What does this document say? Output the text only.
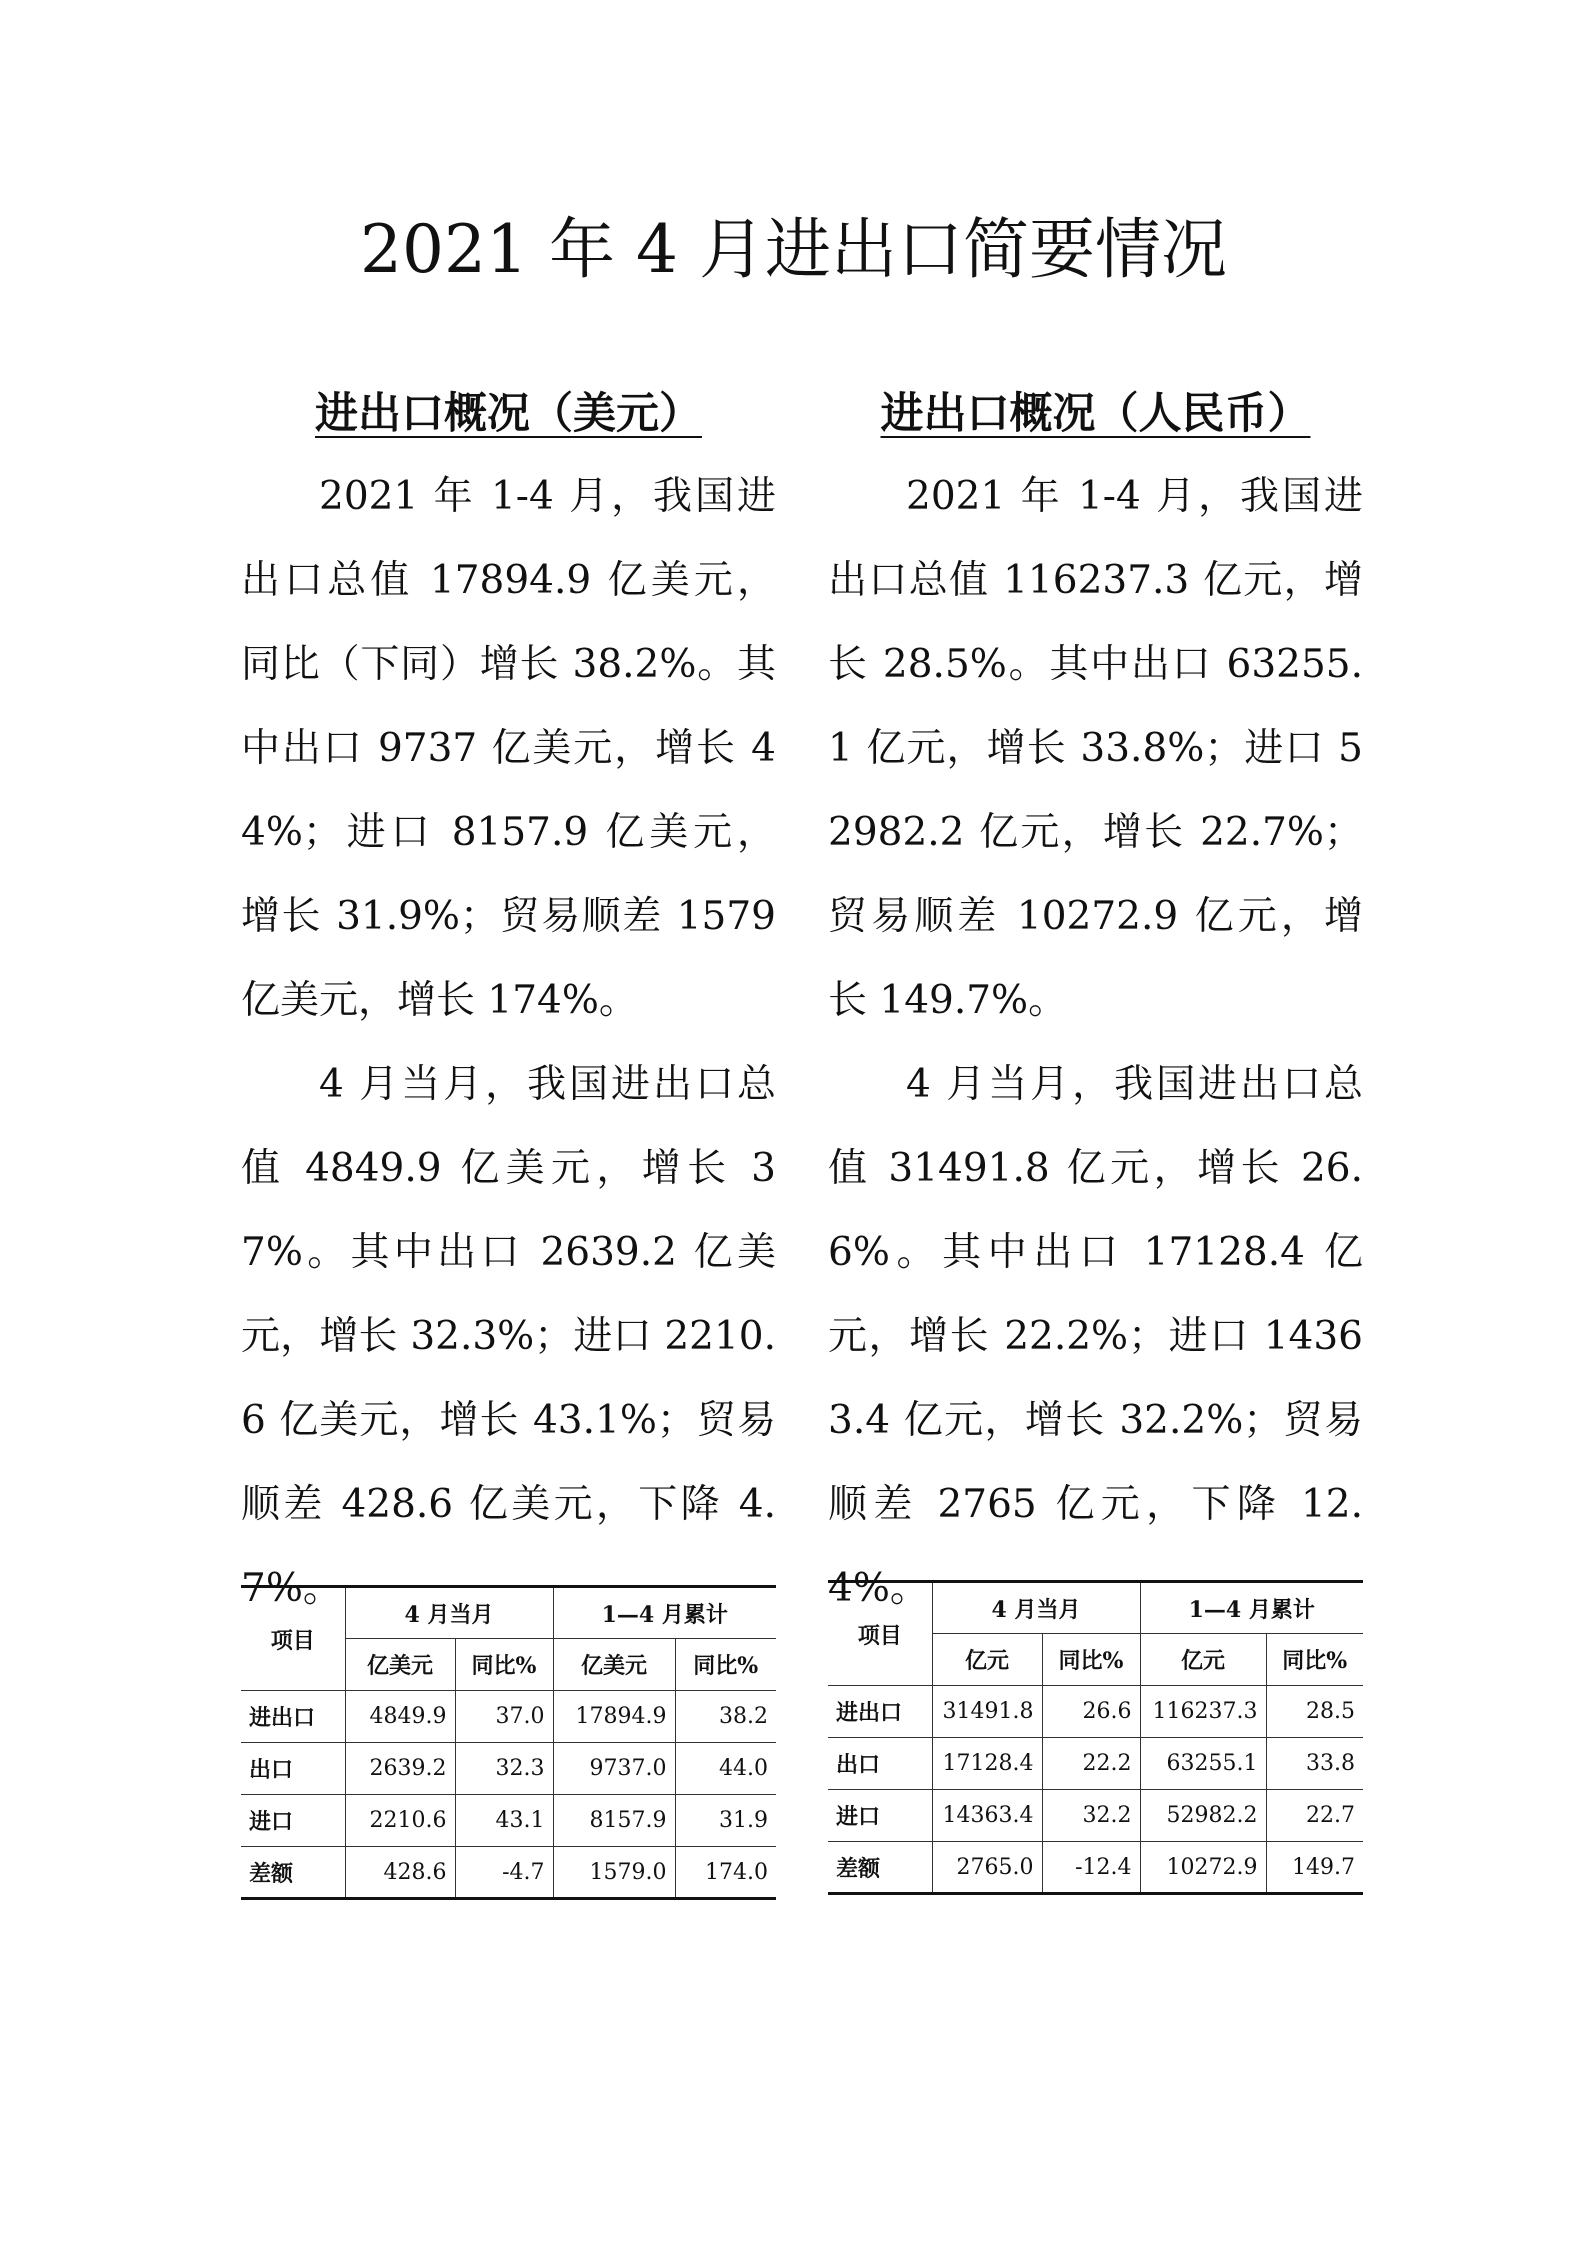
2021 年 4 月进出口简要情况
进出口概况（美元）

2021 年 1-4 月，我国进出口总值 17894.9 亿美元，同比（下同）增长 38.2%。其中出口 9737 亿美元，增长 44%；进口 8157.9 亿美元，增长 31.9%；贸易顺差 1579 亿美元，增长 174%。

4 月当月，我国进出口总值 4849.9 亿美元，增长 37%。其中出口 2639.2 亿美元，增长 32.3%；进口 2210.6 亿美元，增长 43.1%；贸易顺差 428.6 亿美元，下降 4.7%。

进出口概况（人民币）

2021 年 1-4 月，我国进出口总值 116237.3 亿元，增长 28.5%。其中出口 63255.1 亿元，增长 33.8%；进口 52982.2 亿元，增长 22.7%；贸易顺差 10272.9 亿元，增长 149.7%。

4 月当月，我国进出口总值 31491.8 亿元，增长 26.6%。其中出口 17128.4 亿元，增长 22.2%；进口 14363.4 亿元，增长 32.2%；贸易顺差 2765 亿元，下降 12.4%。

项目	4 月当月		1—4 月累计	
	亿美元	同比%	亿美元	同比%
进出口	4849.9	37.0	17894.9	38.2
出口	2639.2	32.3	9737.0	44.0
进口	2210.6	43.1	8157.9	31.9
差额	428.6	-4.7	1579.0	174.0
项目	4 月当月		1—4 月累计	
	亿元	同比%	亿元	同比%
进出口	31491.8	26.6	116237.3	28.5
出口	17128.4	22.2	63255.1	33.8
进口	14363.4	32.2	52982.2	22.7
差额	2765.0	-12.4	10272.9	149.7
